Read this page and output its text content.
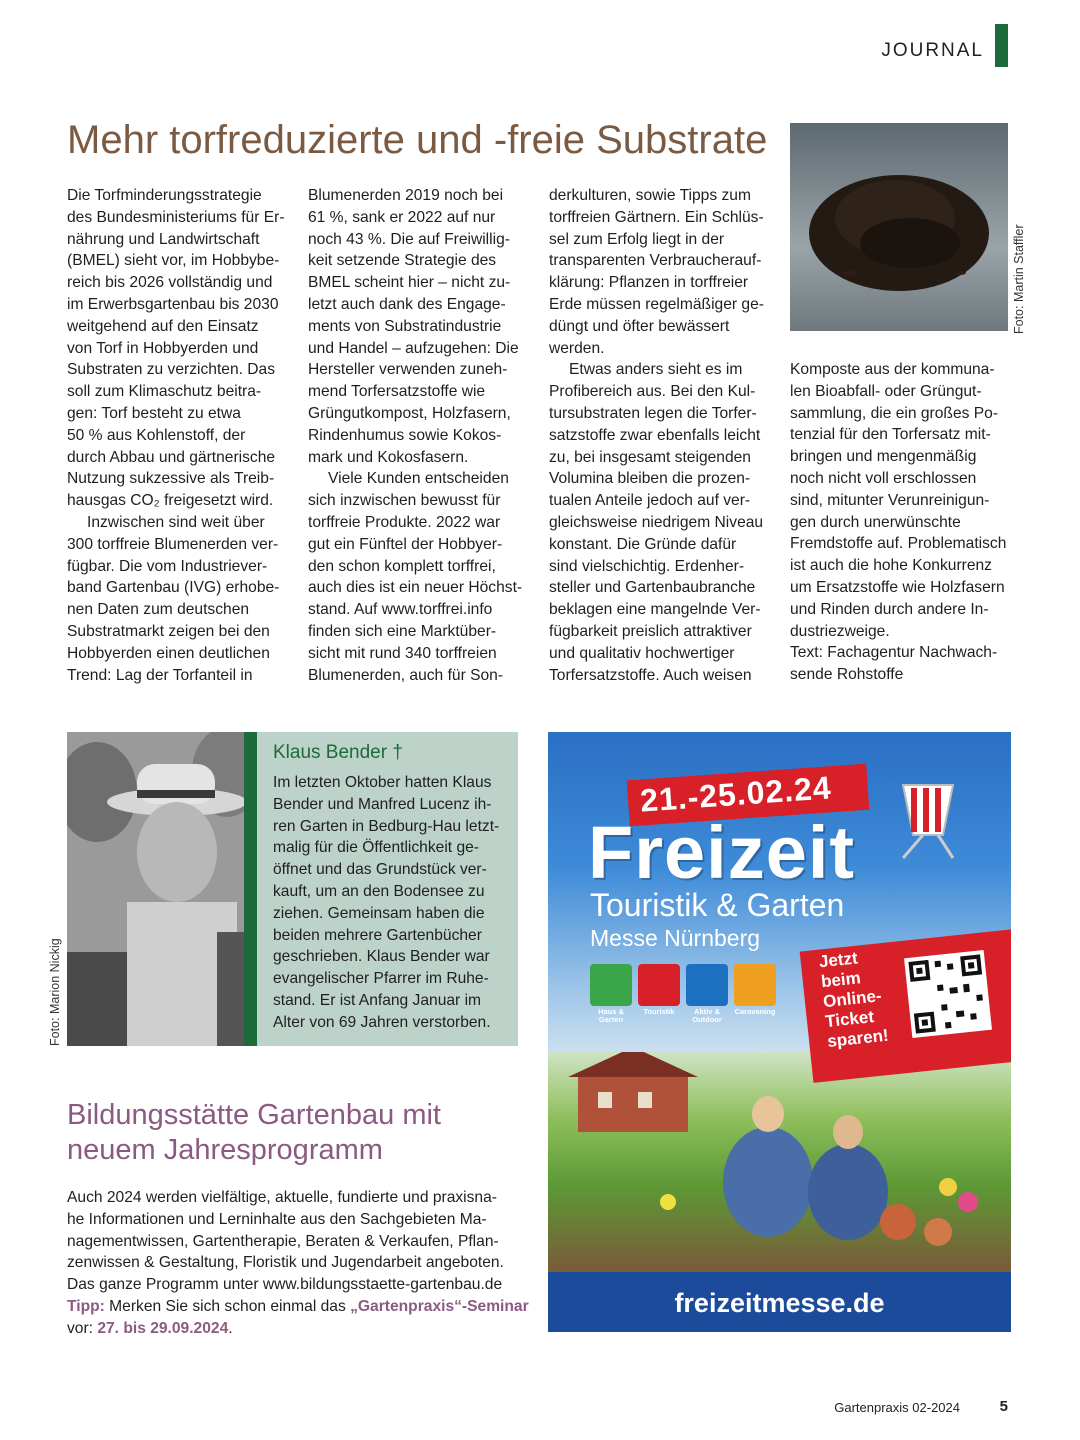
JOURNAL
Mehr torfreduzierte und -freie Substrate

Die Torfminderungsstrategie
des Bundesministeriums für Er-
nährung und Landwirtschaft
(BMEL) sieht vor, im Hobbybe-
reich bis 2026 vollständig und
im Erwerbsgartenbau bis 2030
weitgehend auf den Einsatz
von Torf in Hobbyerden und
Substraten zu verzichten. Das
soll zum Klimaschutz beitra-
gen: Torf besteht zu etwa
50 % aus Kohlenstoff, der
durch Abbau und gärtnerische
Nutzung sukzessive als Treib-
hausgas CO₂ freigesetzt wird.

Inzwischen sind weit über
300 torffreie Blumenerden ver-
fügbar. Die vom Industriever-
band Gartenbau (IVG) erhobe-
nen Daten zum deutschen
Substratmarkt zeigen bei den
Hobbyerden einen deutlichen
Trend: Lag der Torfanteil in

Blumenerden 2019 noch bei
61 %, sank er 2022 auf nur
noch 43 %. Die auf Freiwillig-
keit setzende Strategie des
BMEL scheint hier – nicht zu-
letzt auch dank des Engage-
ments von Substratindustrie
und Handel – aufzugehen: Die
Hersteller verwenden zuneh-
mend Torfersatzstoffe wie
Grüngutkompost, Holzfasern,
Rindenhumus sowie Kokos-
mark und Kokosfasern.

Viele Kunden entscheiden
sich inzwischen bewusst für
torffreie Produkte. 2022 war
gut ein Fünftel der Hobbyer-
den schon komplett torffrei,
auch dies ist ein neuer Höchst-
stand. Auf www.torffrei.info
finden sich eine Marktüber-
sicht mit rund 340 torffreien
Blumenerden, auch für Son-

derkulturen, sowie Tipps zum
torffreien Gärtnern. Ein Schlüs-
sel zum Erfolg liegt in der
transparenten Verbraucherauf-
klärung: Pflanzen in torffreier
Erde müssen regelmäßiger ge-
düngt und öfter bewässert
werden.

Etwas anders sieht es im
Profibereich aus. Bei den Kul-
tursubstraten legen die Torfer-
satzstoffe zwar ebenfalls leicht
zu, bei insgesamt steigenden
Volumina bleiben die prozen-
tualen Anteile jedoch auf ver-
gleichsweise niedrigem Niveau
konstant. Die Gründe dafür
sind vielschichtig. Erdenher-
steller und Gartenbaubranche
beklagen eine mangelnde Ver-
fügbarkeit preislich attraktiver
und qualitativ hochwertiger
Torfersatzstoffe. Auch weisen

Foto: Martin Staffler

Komposte aus der kommuna-
len Bioabfall- oder Grüngut-
sammlung, die ein großes Po-
tenzial für den Torfersatz mit-
bringen und mengenmäßig
noch nicht voll erschlossen
sind, mitunter Verunreinigun-
gen durch unerwünschte
Fremdstoffe auf. Problematisch
ist auch die hohe Konkurrenz
um Ersatzstoffe wie Holzfasern
und Rinden durch andere In-
dustriezweige.
Text: Fachagentur Nachwach-
sende Rohstoffe

Klaus Bender †
Im letzten Oktober hatten Klaus
Bender und Manfred Lucenz ih-
ren Garten in Bedburg-Hau letzt-
malig für die Öffentlichkeit ge-
öffnet und das Grundstück ver-
kauft, um an den Bodensee zu
ziehen. Gemeinsam haben die
beiden mehrere Gartenbücher
geschrieben. Klaus Bender war
evangelischer Pfarrer im Ruhe-
stand. Er ist Anfang Januar im
Alter von 69 Jahren verstorben.
Foto: Marion Nickig
Bildungsstätte Gartenbau mit
neuem Jahresprogramm

Auch 2024 werden vielfältige, aktuelle, fundierte und praxisna-
he Informationen und Lerninhalte aus den Sachgebieten Ma-
nagementwissen, Gartentherapie, Beraten & Verkaufen, Pflan-
zenwissen & Gestaltung, Floristik und Jugendarbeit angeboten.
Das ganze Programm unter www.bildungsstaette-gartenbau.de
Tipp: Merken Sie sich schon einmal das „Gartenpraxis“-Seminar
vor: 27. bis 29.09.2024.

21.-25.02.24
Freizeit
Touristik & Garten
Messe Nürnberg
Haus & Garten
Touristik	Aktiv & Outdoor
Caravaning
Jetzt
beim
Online-
Ticket
sparen!
freizeitmesse.de
Gartenpraxis 02-2024	5
